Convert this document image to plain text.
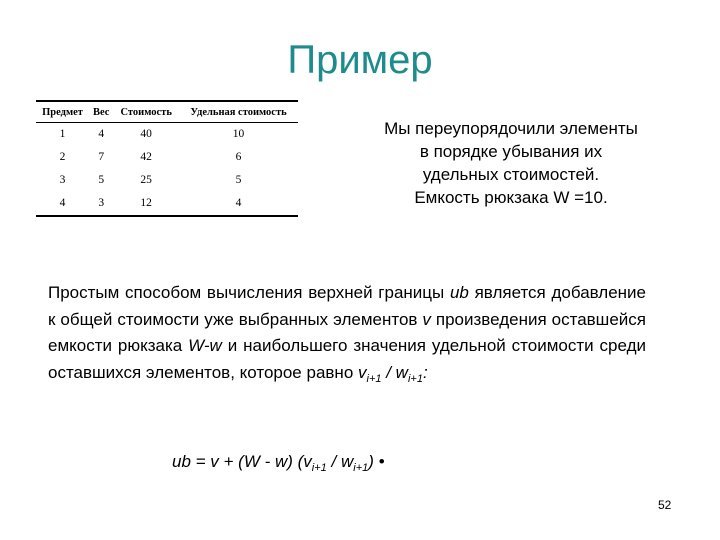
Пример
Предмет	Вес	Стоимость	Удельная стоимость
1	4	40	10
2	7	42	6
3	5	25	5
4	3	12	4
Мы переупорядочили элементы
в порядке убывания их
удельных стоимостей.
Емкость рюкзака W =10.
Простым способом вычисления верхней границы ub является добавление к общей стоимости уже выбранных элементов v произведения оставшейся емкости рюкзака W-w и наибольшего значения удельной стоимости среди оставшихся элементов, которое равно $v_{i+1} / w_{i+1}$:
ub = v + (W - w) $(v_{i+1} / w_{i+1})$ •
52
